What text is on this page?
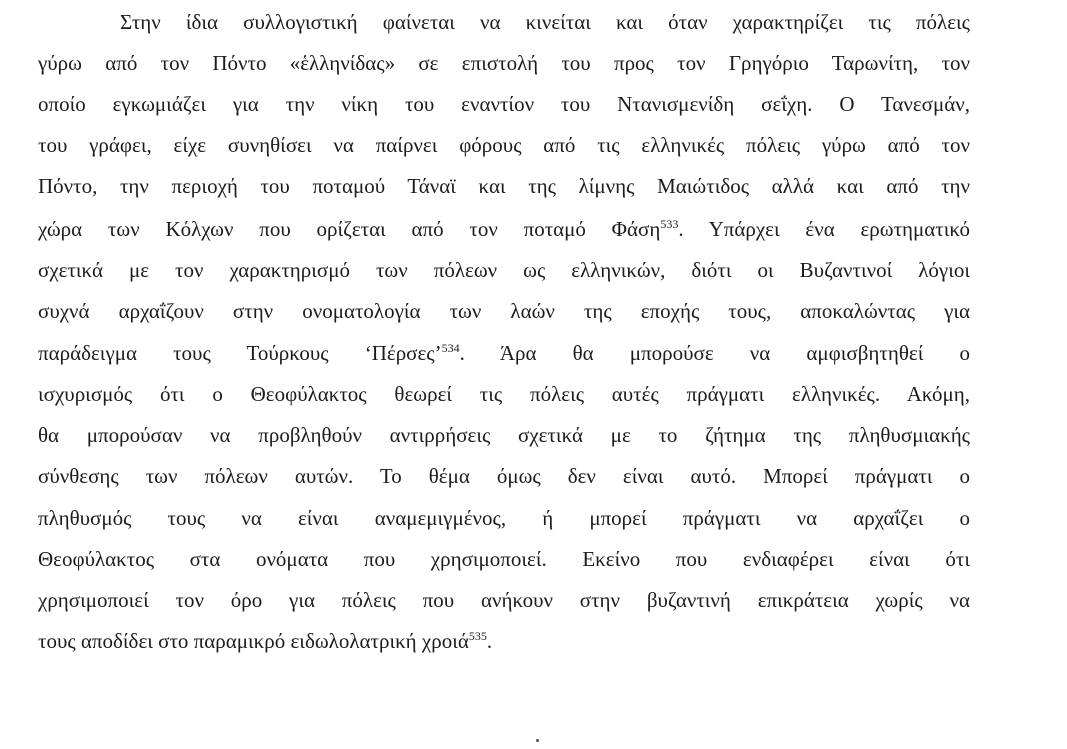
Στην ίδια συλλογιστική φαίνεται να κινείται και όταν χαρακτηρίζει τις πόλεις
γύρω από τον Πόντο «ἑλληνίδας» σε επιστολή του προς τον Γρηγόριο Ταρωνίτη, τον
οποίο εγκωμιάζει για την νίκη του εναντίον του Ντανισμενίδη σεΐχη. Ο Τανεσμάν,
του γράφει, είχε συνηθίσει να παίρνει φόρους από τις ελληνικές πόλεις γύρω από τον
Πόντο, την περιοχή του ποταμού Τάναϊ και της λίμνης Μαιώτιδος αλλά και από την
χώρα των Κόλχων που ορίζεται από τον ποταμό Φάση$^{533}$. Υπάρχει ένα ερωτηματικό
σχετικά με τον χαρακτηρισμό των πόλεων ως ελληνικών, διότι οι Βυζαντινοί λόγιοι
συχνά αρχαΐζουν στην ονοματολογία των λαών της εποχής τους, αποκαλώντας για
παράδειγμα τους Τούρκους ‘Πέρσες’$^{534}$. Άρα θα μπορούσε να αμφισβητηθεί ο
ισχυρισμός ότι ο Θεοφύλακτος θεωρεί τις πόλεις αυτές πράγματι ελληνικές. Ακόμη,
θα μπορούσαν να προβληθούν αντιρρήσεις σχετικά με το ζήτημα της πληθυσμιακής
σύνθεσης των πόλεων αυτών. Το θέμα όμως δεν είναι αυτό. Μπορεί πράγματι ο
πληθυσμός τους να είναι αναμεμιγμένος, ή μπορεί πράγματι να αρχαΐζει ο
Θεοφύλακτος στα ονόματα που χρησιμοποιεί. Εκείνο που ενδιαφέρει είναι ότι
χρησιμοποιεί τον όρο για πόλεις που ανήκουν στην βυζαντινή επικράτεια χωρίς να
τους αποδίδει στο παραμικρό ειδωλολατρική χροιά$^{535}$.
